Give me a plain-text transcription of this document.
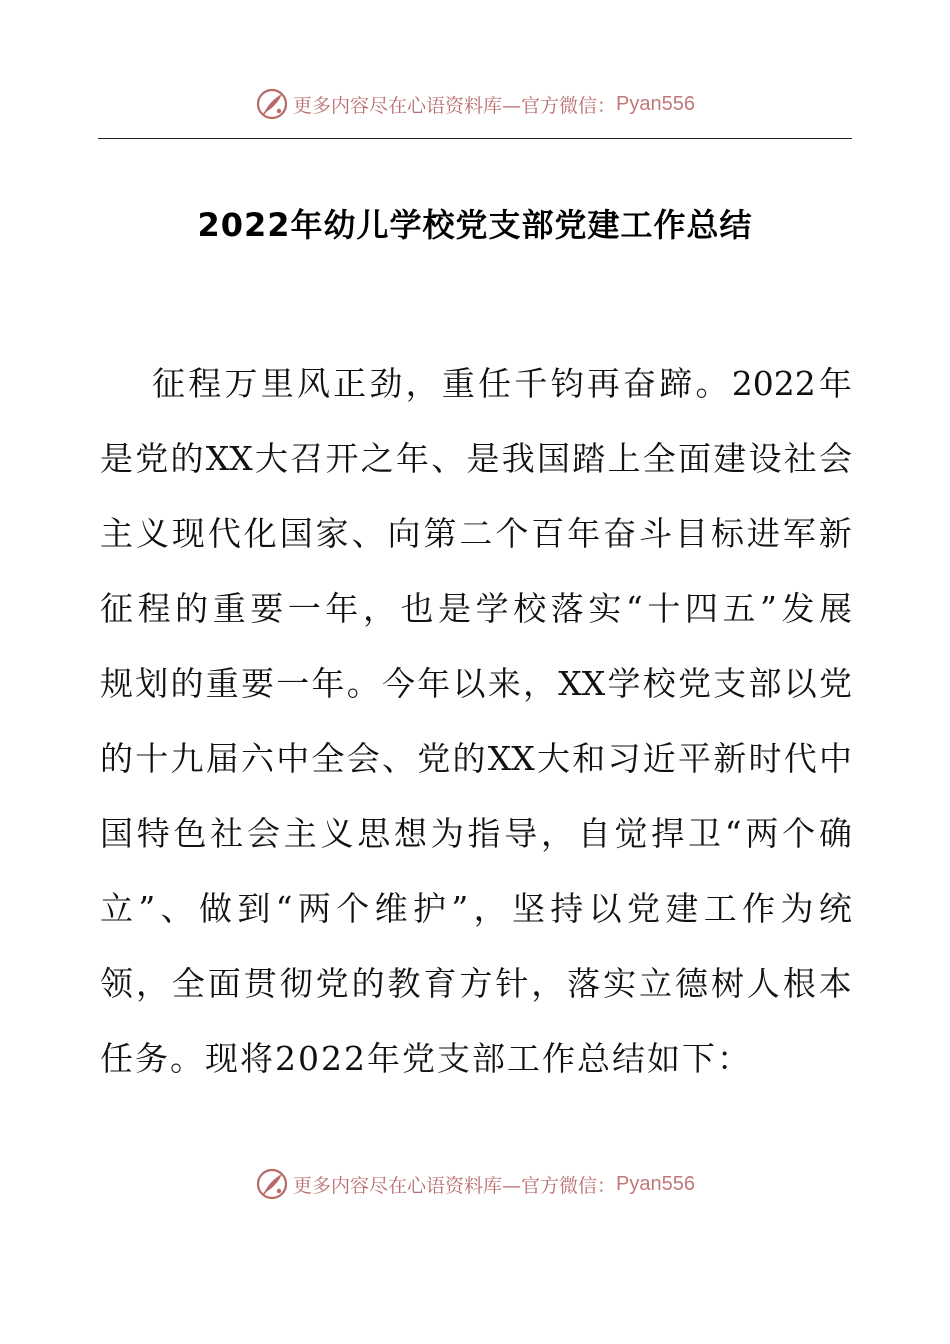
更多内容尽在心语资料库—官方微信： Pyan556
2022年幼儿学校党支部党建工作总结
征 程 万 里 风 正 劲 ， 重 任 千 钧 再 奋 蹄 。 2022 年
是 党 的 XX 大 召 开 之 年 、 是 我 国 踏 上 全 面 建 设 社 会
主 义 现 代 化 国 家 、 向 第 二 个 百 年 奋 斗 目 标 进 军 新
征 程 的 重 要 一 年 ， 也 是 学 校 落 实 “ 十 四 五 ” 发 展
规 划 的 重 要 一 年 。 今 年 以 来 ， XX 学 校 党 支 部 以 党
的 十 九 届 六 中 全 会 、 党 的 XX 大 和 习 近 平 新 时 代 中
国 特 色 社 会 主 义 思 想 为 指 导 ， 自 觉 捍 卫 “ 两 个 确
立 ” 、 做 到 “ 两 个 维 护 ” ， 坚 持 以 党 建 工 作 为 统
领 ， 全 面 贯 彻 党 的 教 育 方 针 ， 落 实 立 德 树 人 根 本
任 务 。 现 将 2022 年 党 支 部 工 作 总 结 如 下 ：
更多内容尽在心语资料库—官方微信： Pyan556
